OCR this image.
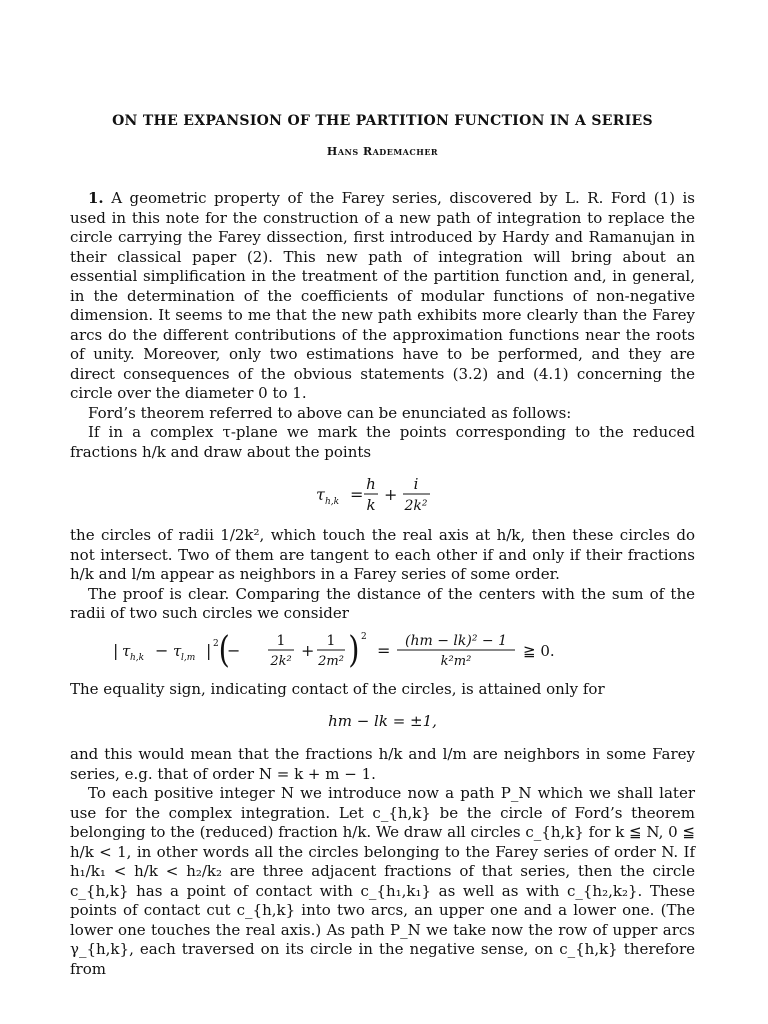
ON THE EXPANSION OF THE PARTITION FUNCTION IN A SERIES
Hans Rademacher

1. A geometric property of the Farey series, discovered by L. R. Ford (1) is used in this note for the construction of a new path of integration to replace the circle carrying the Farey dissection, first introduced by Hardy and Ramanujan in their classical paper (2). This new path of integration will bring about an essential simplification in the treatment of the partition function and, in general, in the determination of the coefficients of modular functions of non-negative dimension. It seems to me that the new path exhibits more clearly than the Farey arcs do the different contributions of the approximation functions near the roots of unity. Moreover, only two estimations have to be performed, and they are direct consequences of the obvious statements (3.2) and (4.1) concerning the circle over the diameter 0 to 1.

Ford’s theorem referred to above can be enunciated as follows:

If in a complex τ-plane we mark the points corresponding to the reduced fractions h/k and draw about the points

τ h,k =
h
k
+
i
2k²

the circles of radii 1/2k², which touch the real axis at h/k, then these circles do not intersect. Two of them are tangent to each other if and only if their fractions h/k and l/m appear as neighbors in a Farey series of some order.

The proof is clear. Comparing the distance of the centers with the sum of the radii of two such circles we consider

| τ h,k − τ l,m | 2 −
(	1
2k²
+ 1
2m² ) 2
= (hm − lk)² − 1
k²m²
≧ 0.

The equality sign, indicating contact of the circles, is attained only for

hm − lk = ±1,

and this would mean that the fractions h/k and l/m are neighbors in some Farey series, e.g. that of order N = k + m − 1.

To each positive integer N we introduce now a path P_N which we shall later use for the complex integration. Let c_{h,k} be the circle of Ford’s theorem belonging to the (reduced) fraction h/k. We draw all circles c_{h,k} for k ≦ N, 0 ≦ h/k < 1, in other words all the circles belonging to the Farey series of order N. If h₁/k₁ < h/k < h₂/k₂ are three adjacent fractions of that series, then the circle c_{h,k} has a point of contact with c_{h₁,k₁} as well as with c_{h₂,k₂}. These points of contact cut c_{h,k} into two arcs, an upper one and a lower one. (The lower one touches the real axis.) As path P_N we take now the row of upper arcs γ_{h,k}, each traversed on its circle in the negative sense, on c_{h,k} therefore from
